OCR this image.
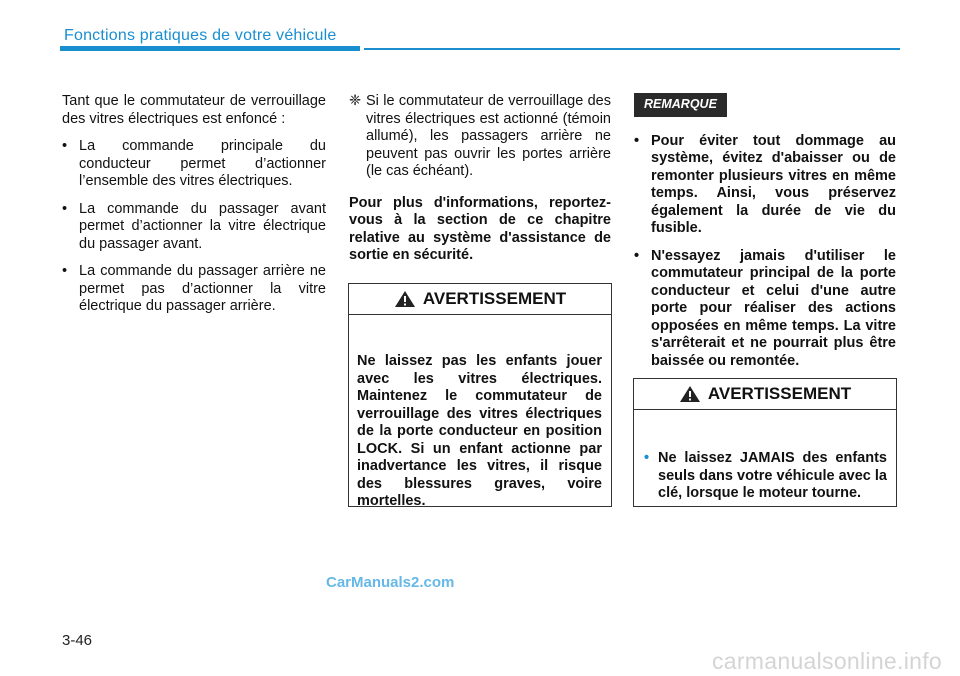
Fonctions pratiques de votre véhicule

Tant que le commutateur de verrouillage des vitres électriques est enfoncé :

• La commande principale du conducteur permet d’actionner l’ensemble des vitres électriques.
• La commande du passager avant permet d’actionner la vitre électrique du passager avant.
• La commande du passager arrière ne permet pas d’actionner la vitre électrique du passager arrière.
❈ Si le commutateur de verrouillage des vitres électriques est actionné (témoin allumé), les passagers arrière ne peuvent pas ouvrir les portes arrière (le cas échéant).

Pour plus d'informations, reportez-vous à la section de ce chapitre relative au système d'assistance de sortie en sécurité.

AVERTISSEMENT
Ne laissez pas les enfants jouer avec les vitres électriques. Maintenez le commutateur de verrouillage des vitres électriques de la porte conducteur en position LOCK. Si un enfant actionne par inadvertance les vitres, il risque des blessures graves, voire mortelles.
REMARQUE
• Pour éviter tout dommage au système, évitez d'abaisser ou de remonter plusieurs vitres en même temps. Ainsi, vous préservez également la durée de vie du fusible.
• N'essayez jamais d'utiliser le commutateur principal de la porte conducteur et celui d'une autre porte pour réaliser des actions opposées en même temps. La vitre s'arrêterait et ne pourrait plus être baissée ou remontée.
AVERTISSEMENT
• Ne laissez JAMAIS des enfants seuls dans votre véhicule avec la clé, lorsque le moteur tourne.
CarManuals2.com
3-46
carmanualsonline.info
